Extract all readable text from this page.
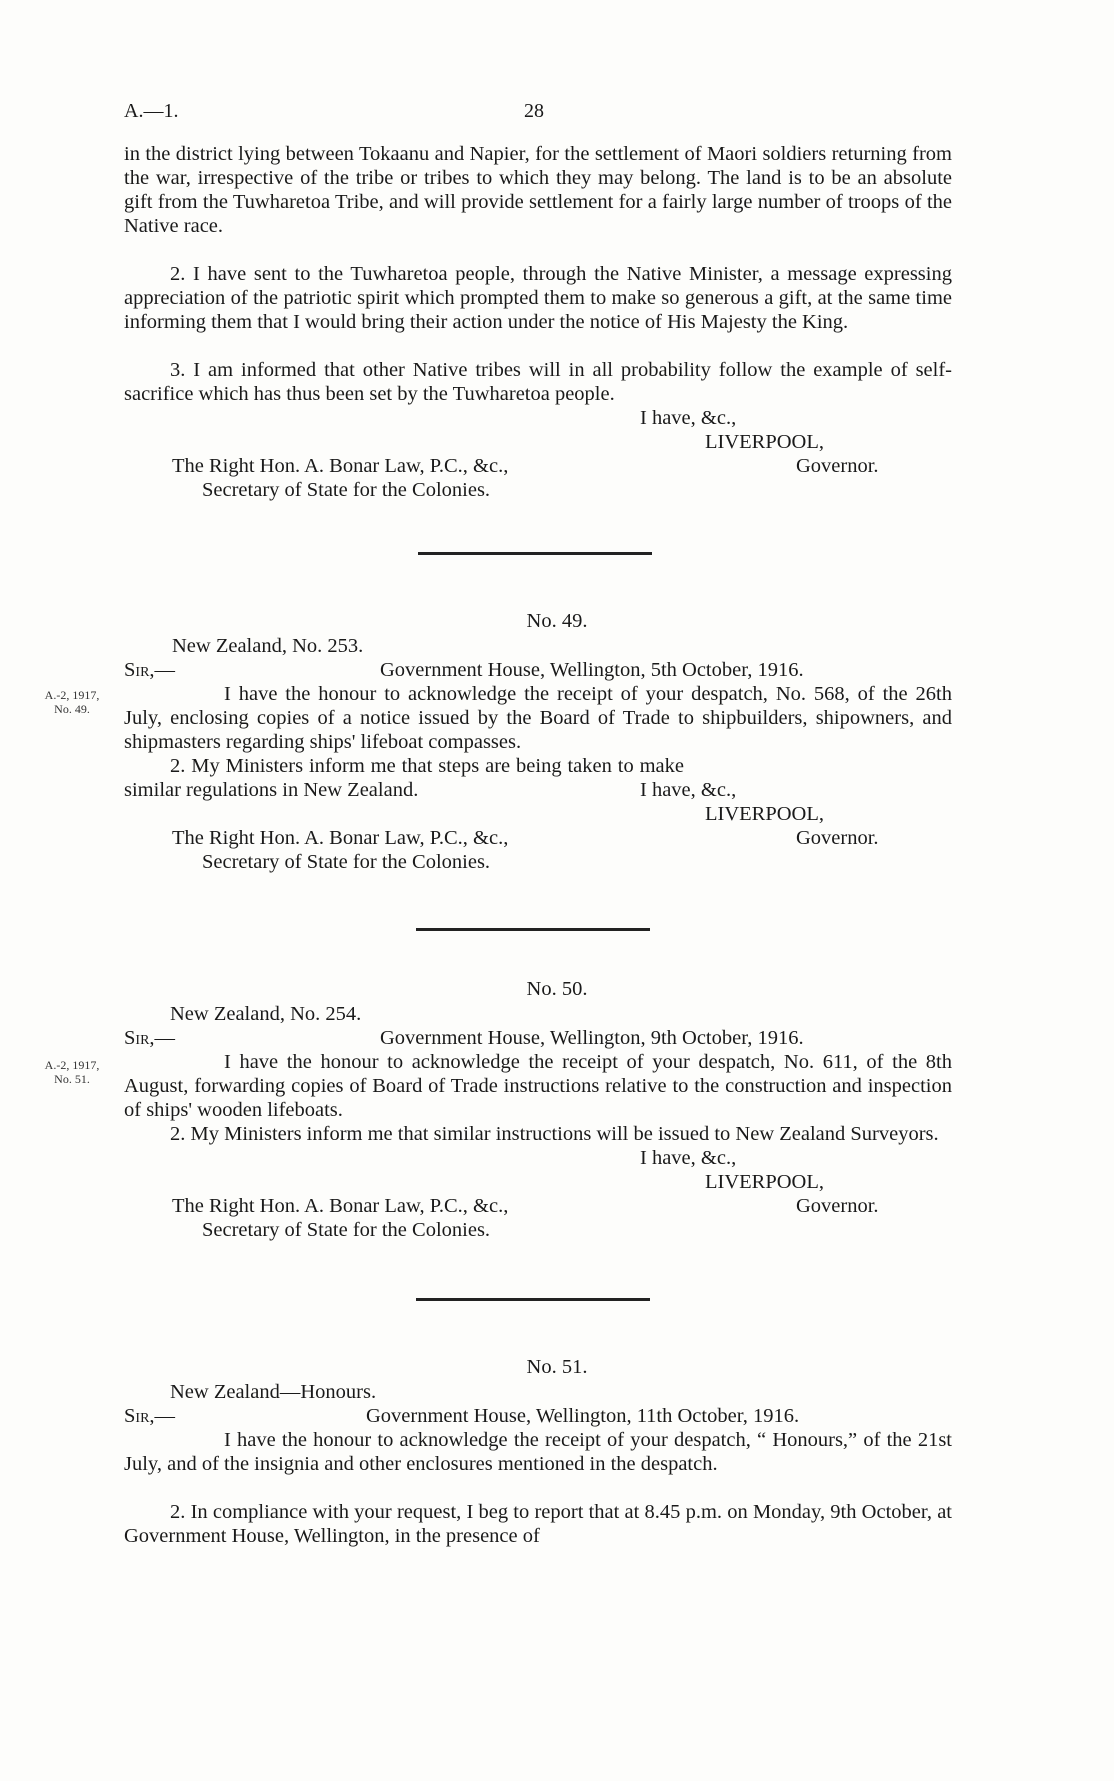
A.—1.	28
in the district lying between Tokaanu and Napier, for the settlement of Maori soldiers returning from the war, irrespective of the tribe or tribes to which they may belong. The land is to be an absolute gift from the Tuwharetoa Tribe, and will provide settlement for a fairly large number of troops of the Native race.
2. I have sent to the Tuwharetoa people, through the Native Minister, a message expressing appreciation of the patriotic spirit which prompted them to make so generous a gift, at the same time informing them that I would bring their action under the notice of His Majesty the King.
3. I am informed that other Native tribes will in all probability follow the example of self-sacrifice which has thus been set by the Tuwharetoa people.
I have, &c.,
LIVERPOOL,
The Right Hon. A. Bonar Law, P.C., &c.,	Governor.
Secretary of State for the Colonies.
No. 49.
New Zealand, No. 253.
Sir,—	Government House, Wellington, 5th October, 1916.
A.-2, 1917,
No. 49.
I have the honour to acknowledge the receipt of your despatch, No. 568, of the 26th July, enclosing copies of a notice issued by the Board of Trade to shipbuilders, shipowners, and shipmasters regarding ships' lifeboat compasses.
2. My Ministers inform me that steps are being taken to make similar regulations in New Zealand.	I have, &c.,
LIVERPOOL,
The Right Hon. A. Bonar Law, P.C., &c.,	Governor.
Secretary of State for the Colonies.
No. 50.
New Zealand, No. 254.
Sir,—	Government House, Wellington, 9th October, 1916.
A.-2, 1917,
No. 51.
I have the honour to acknowledge the receipt of your despatch, No. 611, of the 8th August, forwarding copies of Board of Trade instructions relative to the construction and inspection of ships' wooden lifeboats.
2. My Ministers inform me that similar instructions will be issued to New Zealand Surveyors.
I have, &c.,
LIVERPOOL,
The Right Hon. A. Bonar Law, P.C., &c.,	Governor.
Secretary of State for the Colonies.
No. 51.
New Zealand—Honours.
Sir,—	Government House, Wellington, 11th October, 1916.
I have the honour to acknowledge the receipt of your despatch, “ Honours,” of the 21st July, and of the insignia and other enclosures mentioned in the despatch.
2. In compliance with your request, I beg to report that at 8.45 p.m. on Monday, 9th October, at Government House, Wellington, in the presence of
